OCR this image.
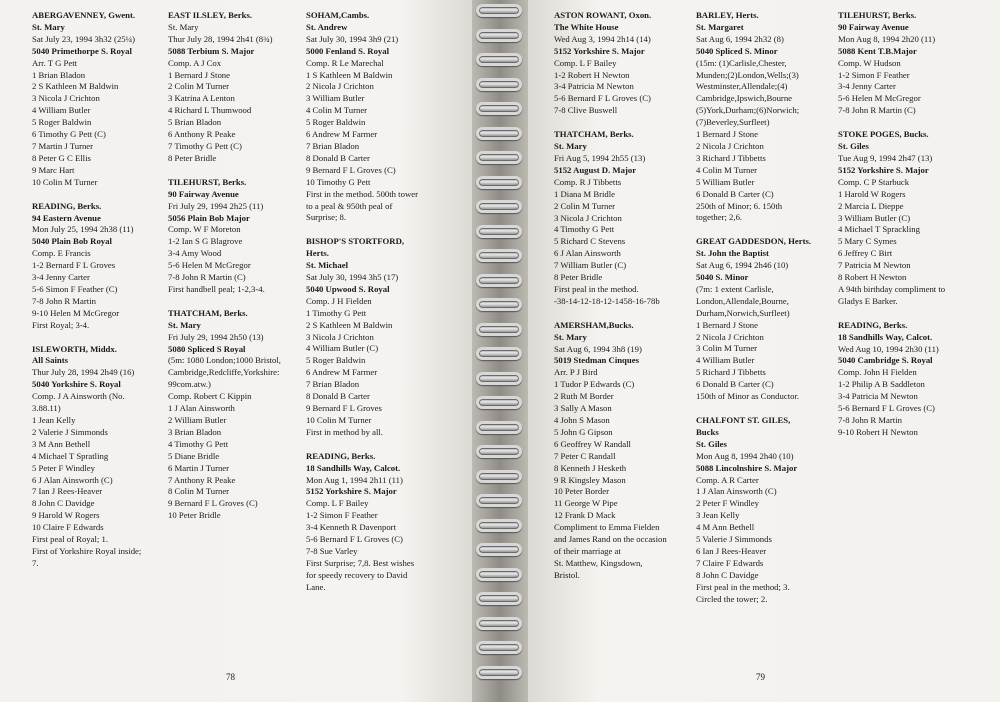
ABERGAVENNEY, Gwent.
St. Mary
Sat July 23, 1994 3h32 (25¼)
5040 Primethorpe S. Royal
Arr. T G Pett
1 Brian Bladon
2 S Kathleen M Baldwin
3 Nicola J Crichton
4 William Butler
5 Roger Baldwin
6 Timothy G Pett (C)
7 Martin J Turner
8 Peter G C Ellis
9 Marc Hart
10 Colin M Turner
READING, Berks.
94 Eastern Avenue
Mon July 25, 1994 2h38 (11)
5040 Plain Bob Royal
Comp. E Francis
1-2 Bernard F L Groves
3-4 Jenny Carter
5-6 Simon F Feather (C)
7-8 John R Martin
9-10 Helen M McGregor
First Royal; 3-4.
ISLEWORTH, Middx.
All Saints
Thur July 28, 1994 2h49 (16)
5040 Yorkshire S. Royal
Comp. J A Ainsworth (No.
3.88.11)
1 Jean Kelly
2 Valerie J Simmonds
3 M Ann Bethell
4 Michael T Spratling
5 Peter F Windley
6 J Alan Ainsworth (C)
7 Ian J Rees-Heaver
8 John C Davidge
9 Harold W Rogers
10 Claire F Edwards
First peal of Royal; 1.
First of Yorkshire Royal inside;
7.
EAST ILSLEY, Berks.
St. Mary
Thur July 28, 1994 2h41 (8¾)
5088 Terbium S. Major
Comp. A J Cox
1 Bernard J Stone
2 Colin M Turner
3 Katrina A Lenton
4 Richard L Thumwood
5 Brian Bladon
6 Anthony R Peake
7 Timothy G Pett (C)
8 Peter Bridle
TILEHURST, Berks.
90 Fairway Avenue
Fri July 29, 1994 2h25 (11)
5056 Plain Bob Major
Comp. W F Moreton
1-2 Ian S G Blagrove
3-4 Amy Wood
5-6 Helen M McGregor
7-8 John R Martin (C)
First handbell peal; 1-2,3-4.
THATCHAM, Berks.
St. Mary
Fri July 29, 1994 2h50 (13)
5080 Spliced S Royal
(5m: 1080 London;1000 Bristol,
Cambridge,Redcliffe,Yorkshire:
99com.atw.)
Comp. Robert C Kippin
1 J Alan Ainsworth
2 William Butler
3 Brian Bladon
4 Timothy G Pett
5 Diane Bridle
6 Martin J Turner
7 Anthony R Peake
8 Colin M Turner
9 Bernard F L Groves (C)
10 Peter Bridle
SOHAM,Cambs.
St. Andrew
Sat July 30, 1994 3h9 (21)
5000 Fenland S. Royal
Comp. R Le Marechal
1 S Kathleen M Baldwin
2 Nicola J Crichton
3 William Butler
4 Colin M Turner
5 Roger Baldwin
6 Andrew M Farmer
7 Brian Bladon
8 Donald B Carter
9 Bernard F L Groves (C)
10 Timothy G Pett
First in the method. 500th tower
to a peal & 950th peal of
Surprise; 8.
BISHOP'S STORTFORD,
Herts.
St. Michael
Sat July 30, 1994 3h5 (17)
5040 Upwood S. Royal
Comp. J H Fielden
1 Timothy G Pett
2 S Kathleen M Baldwin
3 Nicola J Crichton
4 William Butler (C)
5 Roger Baldwin
6 Andrew M Farmer
7 Brian Bladon
8 Donald B Carter
9 Bernard F L Groves
10 Colin M Turner
First in method by all.
READING, Berks.
18 Sandhills Way, Calcot.
Mon Aug 1, 1994 2h11 (11)
5152 Yorkshire S. Major
Comp. L F Bailey
1-2 Simon F Feather
3-4 Kenneth R Davenport
5-6 Bernard F L Groves (C)
7-8 Sue Varley
First Surprise; 7,8. Best wishes
for speedy recovery to David
Lane.
ASTON ROWANT, Oxon.
The White House
Wed Aug 3, 1994 2h14 (14)
5152 Yorkshire S. Major
Comp. L F Bailey
1-2 Robert H Newton
3-4 Patricia M Newton
5-6 Bernard F L Groves (C)
7-8 Clive Buswell
THATCHAM, Berks.
St. Mary
Fri Aug 5, 1994 2h55 (13)
5152 August D. Major
Comp. R J Tibbetts
1 Diana M Bridle
2 Colin M Turner
3 Nicola J Crichton
4 Timothy G Pett
5 Richard C Stevens
6 J Alan Ainsworth
7 William Butler (C)
8 Peter Bridle
First peal in the method.
-38-14-12-18-12-1458-16-78b
AMERSHAM,Bucks.
St. Mary
Sat Aug 6, 1994 3h8 (19)
5019 Stedman Cinques
Arr. P J Bird
1 Tudor P Edwards (C)
2 Ruth M Border
3 Sally A Mason
4 John S Mason
5 John G Gipson
6 Geoffrey W Randall
7 Peter C Randall
8 Kenneth J Hesketh
9 R Kingsley Mason
10 Peter Border
11 George W Pipe
12 Frank D Mack
Compliment to Emma Fielden
and James Rand on the occasion
of their marriage at
St. Matthew, Kingsdown,
Bristol.
BARLEY, Herts.
St. Margaret
Sat Aug 6, 1994 2h32 (8)
5040 Spliced S. Minor
(15m: (1)Carlisle,Chester,
Munden;(2)London,Wells;(3)
Westminster,Allendale;(4)
Cambridge,Ipswich,Bourne
(5)York,Durham;(6)Norwich;
(7)Beverley,Surfleet)
1 Bernard J Stone
2 Nicola J Crichton
3 Richard J Tibbetts
4 Colin M Turner
5 William Butler
6 Donald B Carter (C)
250th of Minor; 6. 150th
together; 2,6.
GREAT GADDESDON, Herts.
St. John the Baptist
Sat Aug 6, 1994 2h46 (10)
5040 S. Minor
(7m: 1 extent Carlisle,
London,Allendale,Bourne,
Durham,Norwich,Surfleet)
1 Bernard J Stone
2 Nicola J Crichton
3 Colin M Turner
4 William Butler
5 Richard J Tibbetts
6 Donald B Carter (C)
150th of Minor as Conductor.
CHALFONT ST. GILES,
Bucks
St. Giles
Mon Aug 8, 1994 2h40 (10)
5088 Lincolnshire S. Major
Comp. A R Carter
1 J Alan Ainsworth (C)
2 Peter F Windley
3 Jean Kelly
4 M Ann Bethell
5 Valerie J Simmonds
6 Ian J Rees-Heaver
7 Claire F Edwards
8 John C Davidge
First peal in the method; 3.
Circled the tower; 2.
TILEHURST, Berks.
90 Fairway Avenue
Mon Aug 8, 1994 2h20 (11)
5088 Kent T.B.Major
Comp. W Hudson
1-2 Simon F Feather
3-4 Jenny Carter
5-6 Helen M McGregor
7-8 John R Martin (C)
STOKE POGES, Bucks.
St. Giles
Tue Aug 9, 1994 2h47 (13)
5152 Yorkshire S. Major
Comp. C P Starbuck
1 Harold W Rogers
2 Marcia L Dieppe
3 William Butler (C)
4 Michael T Sprackling
5 Mary C Symes
6 Jeffrey C Birt
7 Patricia M Newton
8 Robert H Newton
A 94th birthday compliment to
Gladys E Barker.
READING, Berks.
18 Sandhills Way, Calcot.
Wed Aug 10, 1994 2h30 (11)
5040 Cambridge S. Royal
Comp. John H Fielden
1-2 Philip A B Saddleton
3-4 Patricia M Newton
5-6 Bernard F L Groves (C)
7-8 John R Martin
9-10 Robert H Newton
78	79
